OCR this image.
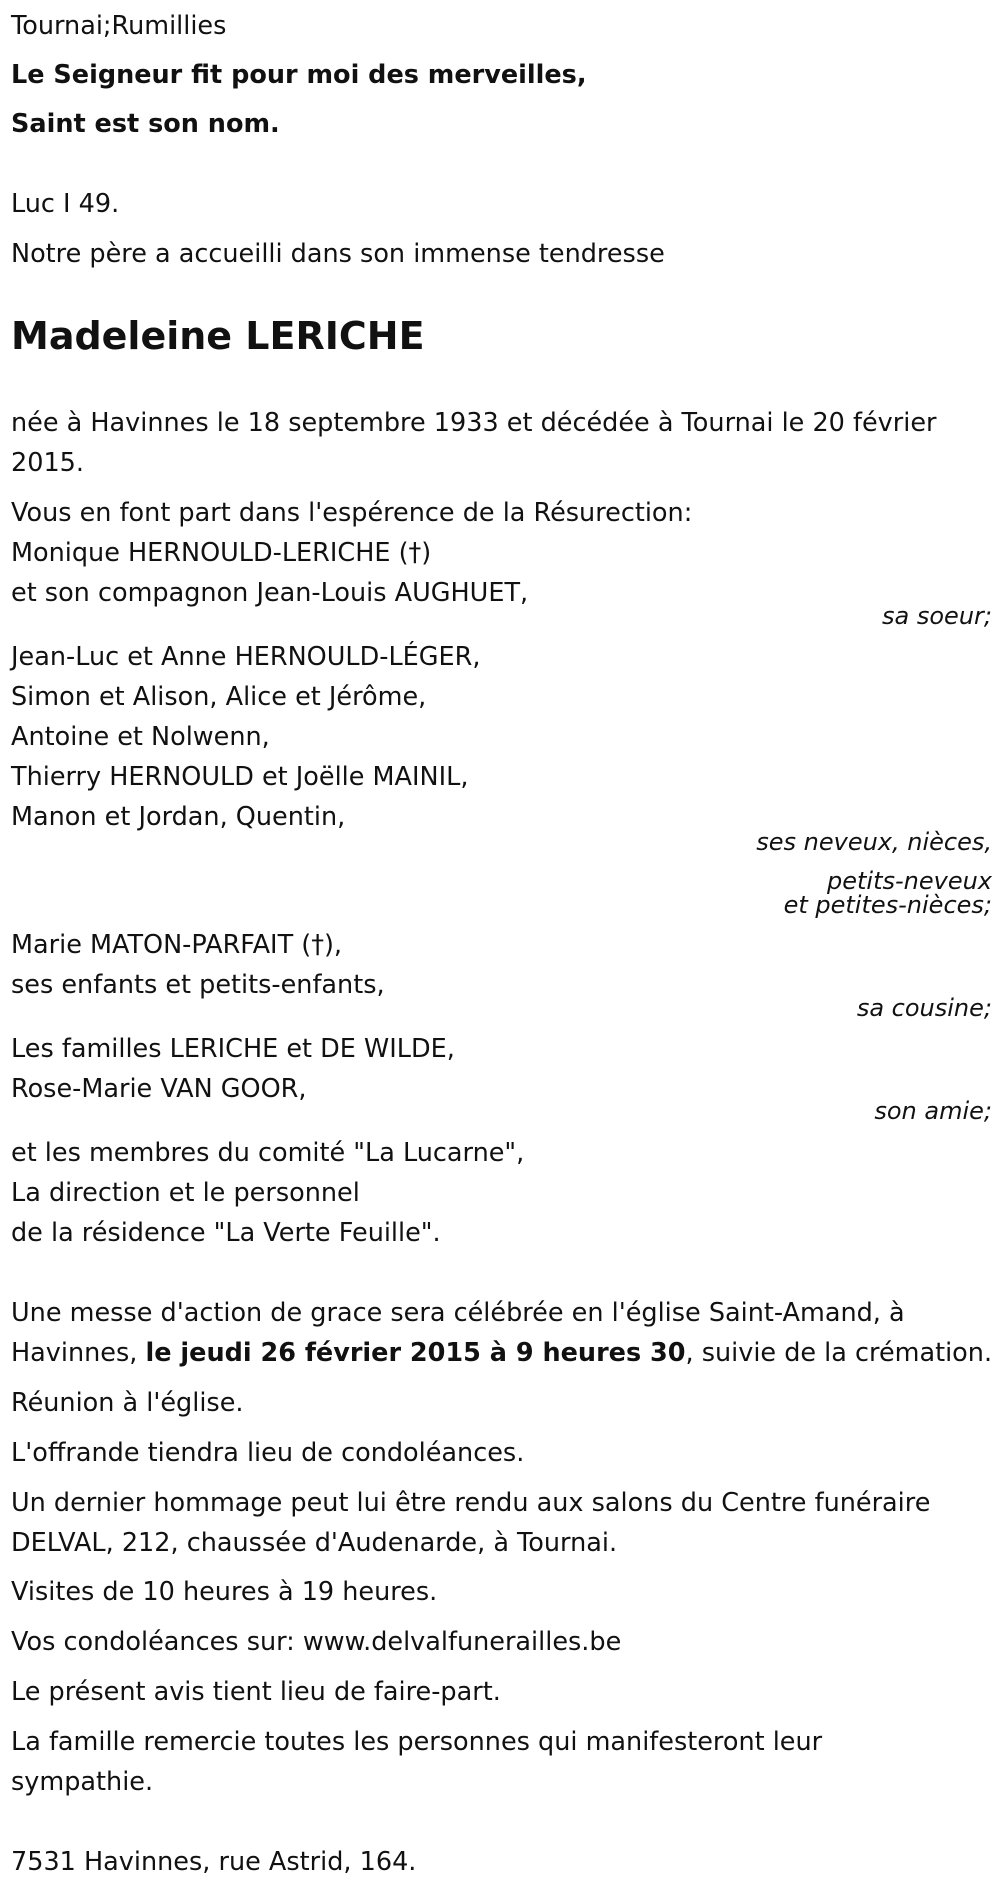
Tournai;Rumillies
Le Seigneur fit pour moi des merveilles,
Saint est son nom.
Luc I 49.
Notre père a accueilli dans son immense tendresse
Madeleine LERICHE
née à Havinnes le 18 septembre 1933 et décédée à Tournai le 20 février
2015.
Vous en font part dans l'espérence de la Résurection:
Monique HERNOULD-LERICHE (†)
et son compagnon Jean-Louis AUGHUET,
sa soeur;
Jean-Luc et Anne HERNOULD-LÉGER,
Simon et Alison, Alice et Jérôme,
Antoine et Nolwenn,
Thierry HERNOULD et Joëlle MAINIL,
Manon et Jordan, Quentin,
ses neveux, nièces,
petits-neveux
et petites-nièces;
Marie MATON-PARFAIT (†),
ses enfants et petits-enfants,
sa cousine;
Les familles LERICHE et DE WILDE,
Rose-Marie VAN GOOR,
son amie;
et les membres du comité "La Lucarne",
La direction et le personnel
de la résidence "La Verte Feuille".
Une messe d'action de grace sera célébrée en l'église Saint-Amand, à
Havinnes, le jeudi 26 février 2015 à 9 heures 30, suivie de la crémation.
Réunion à l'église.
L'offrande tiendra lieu de condoléances.
Un dernier hommage peut lui être rendu aux salons du Centre funéraire
DELVAL, 212, chaussée d'Audenarde, à Tournai.
Visites de 10 heures à 19 heures.
Vos condoléances sur: www.delvalfunerailles.be
Le présent avis tient lieu de faire-part.
La famille remercie toutes les personnes qui manifesteront leur
sympathie.
7531 Havinnes, rue Astrid, 164.
